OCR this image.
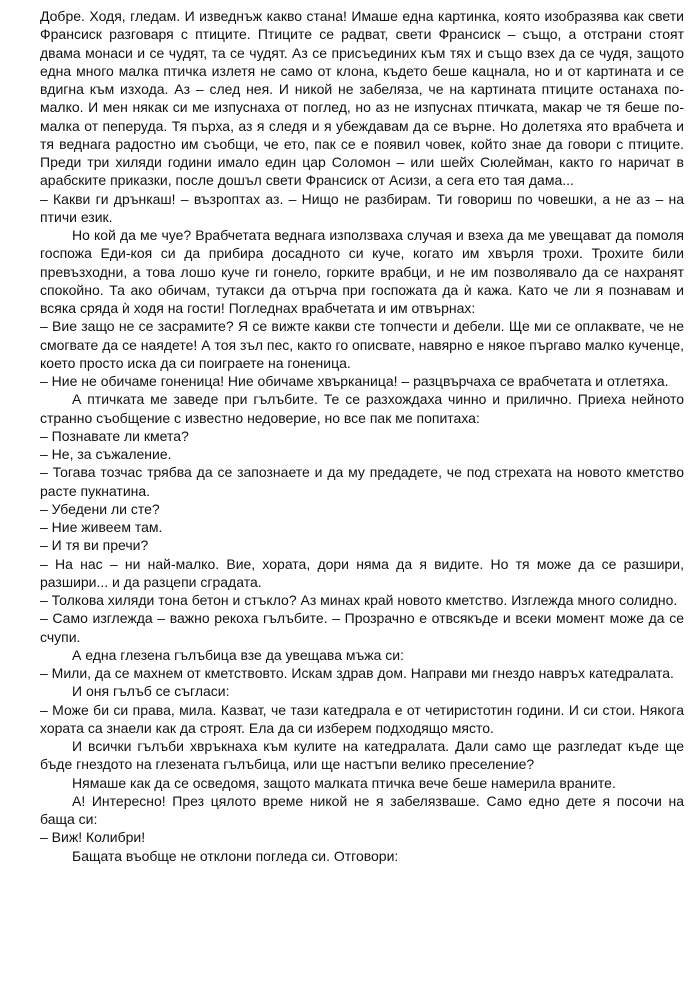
Добре. Ходя, гледам. И изведнъж какво стана! Имаше една картинка, която изобразява как свети Франсиск разговаря с птиците. Птиците се радват, свети Франсиск – също, а отстрани стоят двама монаси и се чудят, та се чудят. Аз се присъединих към тях и също взех да се чудя, защото една много малка птичка излетя не само от клона, където беше кацнала, но и от картината и се вдигна към изхода. Аз – след нея. И никой не забеляза, че на картината птиците останаха по-малко. И мен някак си ме изпуснаха от поглед, но аз не изпуснах птичката, макар че тя беше по-малка от пеперуда. Тя пърха, аз я следя и я убеждавам да се върне. Но долетяха ято врабчета и тя веднага радостно им съобщи, че ето, пак се е появил човек, който знае да говори с птиците. Преди три хиляди години имало един цар Соломон – или шейх Сюлейман, както го наричат в арабските приказки, после дошъл свети Франсиск от Асизи, а сега ето тая дама...

– Какви ги дрънкаш! – възроптах аз. – Нищо не разбирам. Ти говориш по човешки, а не аз – на птичи език.

Но кой да ме чуе? Врабчетата веднага използваха случая и взеха да ме увещават да помоля госпожа Еди-коя си да прибира досадното си куче, когато им хвърля трохи. Трохите били превъзходни, а това лошо куче ги гонело, горките врабци, и не им позволявало да се нахранят спокойно. Та ако обичам, тутакси да отърча при госпожата да ѝ кажа. Като че ли я познавам и всяка сряда ѝ ходя на гости! Погледнах врабчетата и им отвърнах:

– Вие защо не се засрамите? Я се вижте какви сте топчести и дебели. Ще ми се оплаквате, че не смогвате да се наядете! А тоя зъл пес, както го описвате, навярно е някое пъргаво малко кученце, което просто иска да си поиграете на гоненица.

– Ние не обичаме гоненица! Ние обичаме хвърканица! – разцвърчаха се врабчетата и отлетяха.

А птичката ме заведе при гълъбите. Те се разхождаха чинно и прилично. Приеха нейното странно съобщение с известно недоверие, но все пак ме попитаха:

– Познавате ли кмета?

– Не, за съжаление.

– Тогава тозчас трябва да се запознаете и да му предадете, че под стрехата на новото кметство расте пукнатина.

– Убедени ли сте?

– Ние живеем там.

– И тя ви пречи?

– На нас – ни най-малко. Вие, хората, дори няма да я видите. Но тя може да се разшири, разшири... и да разцепи сградата.

– Толкова хиляди тона бетон и стъкло? Аз минах край новото кметство. Изглежда много солидно.

– Само изглежда – важно рекоха гълъбите. – Прозрачно е отвсякъде и всеки момент може да се счупи.

А една глезена гълъбица взе да увещава мъжа си:

– Мили, да се махнем от кметствовто. Искам здрав дом. Направи ми гнездо навръх катедралата.

И оня гълъб се съгласи:

– Може би си права, мила. Казват, че тази катедрала е от четиристотин години. И си стои. Някога хората са знаели как да строят. Ела да си изберем подходящо място.

И всички гълъби хвръкнаха към кулите на катедралата. Дали само ще разгледат къде ще бъде гнездото на глезената гълъбица, или ще настъпи велико преселение?

Нямаше как да се осведомя, защото малката птичка вече беше намерила враните.

А! Интересно! През цялото време никой не я забелязваше. Само едно дете я посочи на баща си:

– Виж! Колибри!

Бащата въобще не отклони погледа си. Отговори:
